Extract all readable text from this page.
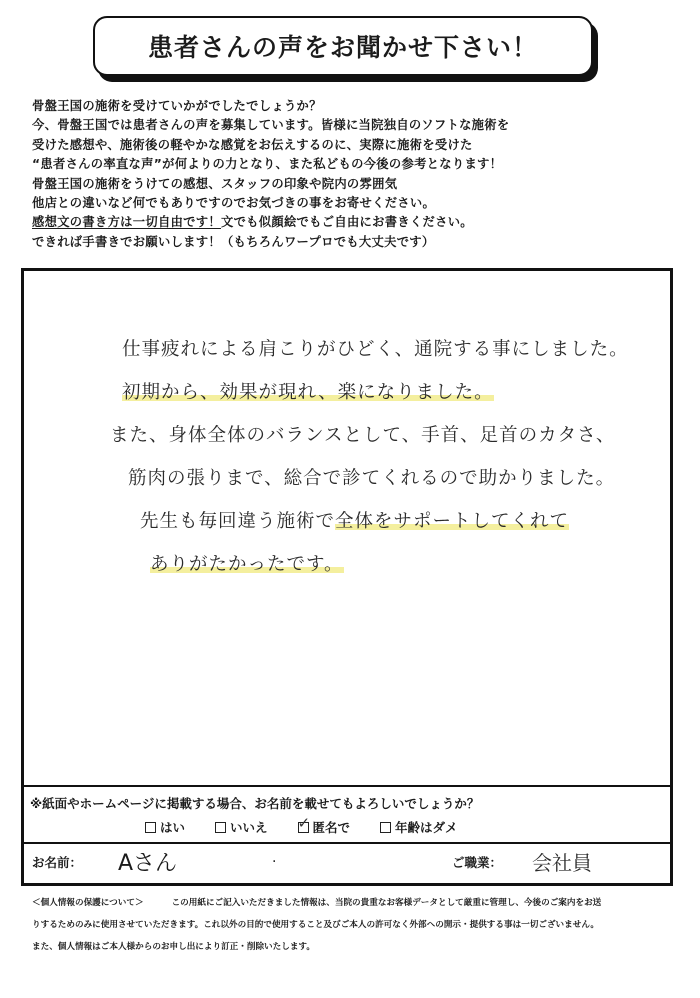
患者さんの声をお聞かせ下さい！
骨盤王国の施術を受けていかがでしたでしょうか？
今、骨盤王国では患者さんの声を募集しています。皆様に当院独自のソフトな施術を
受けた感想や、施術後の軽やかな感覚をお伝えするのに、実際に施術を受けた
“患者さんの率直な声”が何よりの力となり、また私どもの今後の参考となります！
骨盤王国の施術をうけての感想、スタッフの印象や院内の雰囲気
他店との違いなど何でもありですのでお気づきの事をお寄せください。
感想文の書き方は一切自由です！文でも似顔絵でもご自由にお書きください。
できれば手書きでお願いします！（もちろんワープロでも大丈夫です）
仕事疲れによる肩こりがひどく、通院する事にしました。
初期から、効果が現れ、楽になりました。
また、身体全体のバランスとして、手首、足首のカタさ、
筋肉の張りまで、総合で診てくれるので助かりました。
先生も毎回違う施術で全体をサポートしてくれて
ありがたかったです。
※紙面やホームページに掲載する場合、お名前を載せてもよろしいでしょうか？
はい	いいえ
✓	匿名で	年齢はダメ
お名前： Aさん	.	ご職業： 会社員
＜個人情報の保護について＞	この用紙にご記入いただきました情報は、当院の貴重なお客様データとして厳重に管理し、今後のご案内をお送
りするためのみに使用させていただきます。これ以外の目的で使用すること及びご本人の許可なく外部への開示・提供する事は一切ございません。
また、個人情報はご本人様からのお申し出により訂正・削除いたします。
